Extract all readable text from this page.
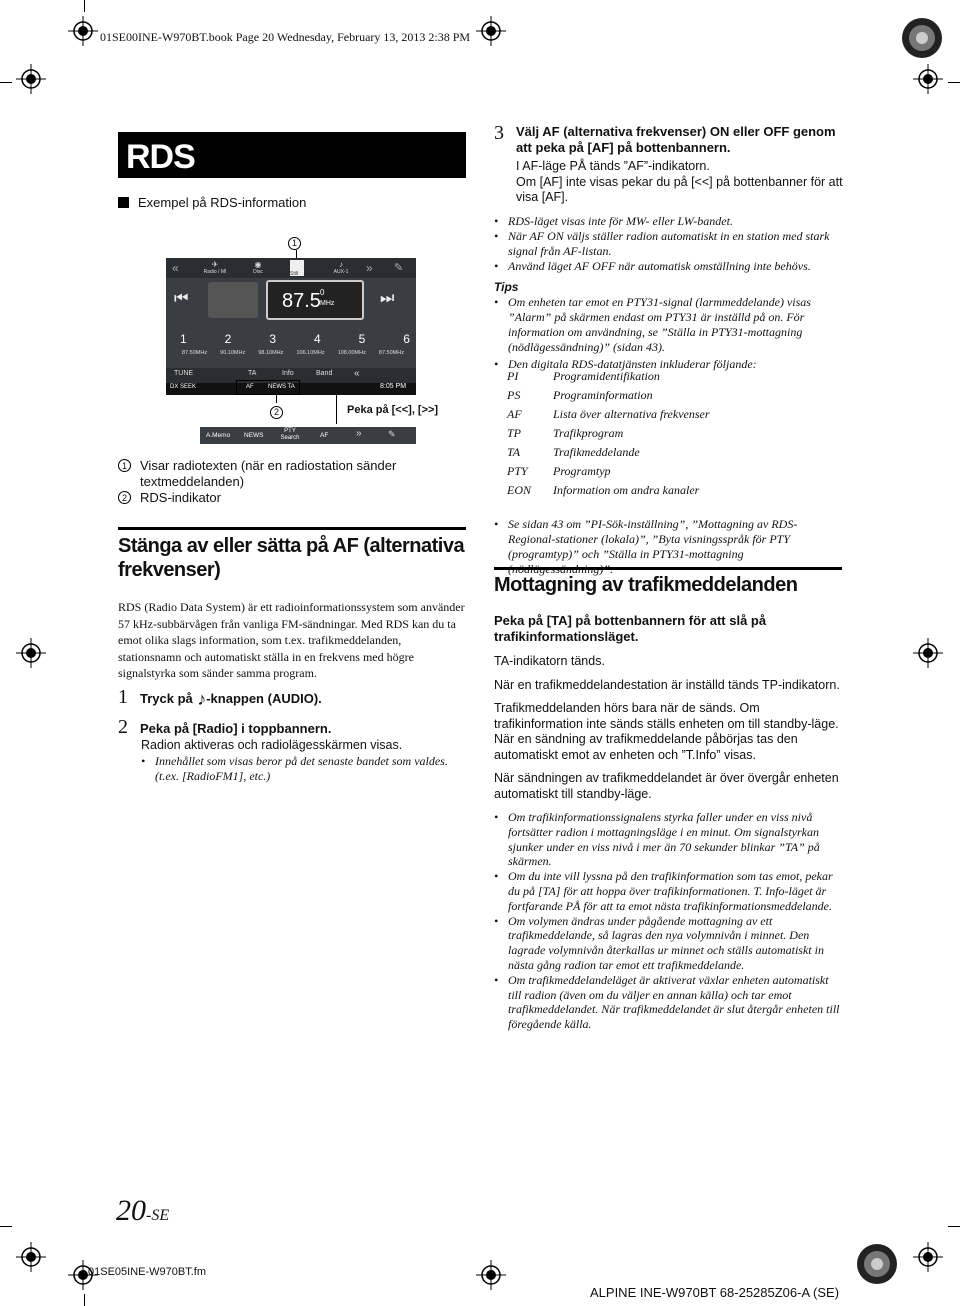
01SE00INE-W970BT.book Page 20 Wednesday, February 13, 2013 2:38 PM
RDS
Exempel på RDS-information
1
«	✈
Radio / MI
◉
Disc	Still
♪
AUX-1	» ✎
⏮	87.5 0
MHz	⏭
1	2	3	4	5	6
87.50MHz 90.10MHz 98.10MHz 106.10MHz 108.00MHz 87.50MHz
TUNE	TA	Info	Band «
DX SEEK	AF NEWS TA	8:05 PM
2	Peka på [<<], [>>]
A.Memo NEWS
PTY Search	AF	»	✎
1	Visar radiotexten (när en radiostation sänder textmeddelanden)
2	RDS-indikator
Stänga av eller sätta på AF (alternativa frekvenser)
RDS (Radio Data System) är ett radioinformationssystem som använder 57 kHz-subbärvågen från vanliga FM-sändningar. Med RDS kan du ta emot olika slags information, som t.ex. trafikmeddelanden, stationsnamn och automatiskt ställa in en frekvens med högre signalstyrka som sänder samma program.
1 Tryck på ♪-knappen (AUDIO).
2 Peka på [Radio] i toppbannern.
Radion aktiveras och radiolägesskärmen visas.
• Innehållet som visas beror på det senaste bandet som valdes. (t.ex. [RadioFM1], etc.)
3 Välj AF (alternativa frekvenser) ON eller OFF genom att peka på [AF] på bottenbannern.
I AF-läge PÅ tänds ”AF”-indikatorn.
Om [AF] inte visas pekar du på [<<] på bottenbanner för att visa [AF].
• RDS-läget visas inte för MW- eller LW-bandet.
• När AF ON väljs ställer radion automatiskt in en station med stark signal från AF-listan.
• Använd läget AF OFF när automatisk omställning inte behövs.
Tips
• Om enheten tar emot en PTY31-signal (larmmeddelande) visas ”Alarm” på skärmen endast om PTY31 är inställd på on. För information om användning, se ”Ställa in PTY31-mottagning (nödlägessändning)” (sidan 43).
• Den digitala RDS-datatjänsten inkluderar följande:
PI	Programidentifikation
PS	Programinformation
AF	Lista över alternativa frekvenser
TP	Trafikprogram
TA	Trafikmeddelande
PTY	Programtyp
EON	Information om andra kanaler
• Se sidan 43 om ”PI-Sök-inställning”, ”Mottagning av RDS-Regional-stationer (lokala)”, ”Byta visningsspråk för PTY (programtyp)” och ”Ställa in PTY31-mottagning
Mottagning av trafikmeddelanden
Peka på [TA] på bottenbannern för att slå på trafikinformationsläget.
TA-indikatorn tänds.
När en trafikmeddelandestation är inställd tänds TP-indikatorn.
Trafikmeddelanden hörs bara när de sänds. Om trafikinformation inte sänds ställs enheten om till standby-läge.
När en sändning av trafikmeddelande påbörjas tas den automatiskt emot av enheten och ”T.Info” visas.
När sändningen av trafikmeddelandet är över övergår enheten automatiskt till standby-läge.
• Om trafikinformationssignalens styrka faller under en viss nivå fortsätter radion i mottagningsläge i en minut. Om signalstyrkan sjunker under en viss nivå i mer än 70 sekunder blinkar ”TA” på skärmen.
• Om du inte vill lyssna på den trafikinformation som tas emot, pekar du på [TA] för att hoppa över trafikinformationen. T. Info-läget är fortfarande PÅ för att ta emot nästa trafikinformationsmeddelande.
• Om volymen ändras under pågående mottagning av ett trafikmeddelande, så lagras den nya volymnivån i minnet. Den lagrade volymnivån återkallas ur minnet och ställs automatiskt in nästa gång radion tar emot ett trafikmeddelande.
• Om trafikmeddelandeläget är aktiverat växlar enheten automatiskt till radion (även om du väljer en annan källa) och tar emot trafikmeddelandet. När trafikmeddelandet är slut återgår enheten till föregående källa.
20-SE
01SE05INE-W970BT.fm
ALPINE INE-W970BT 68-25285Z06-A (SE)
